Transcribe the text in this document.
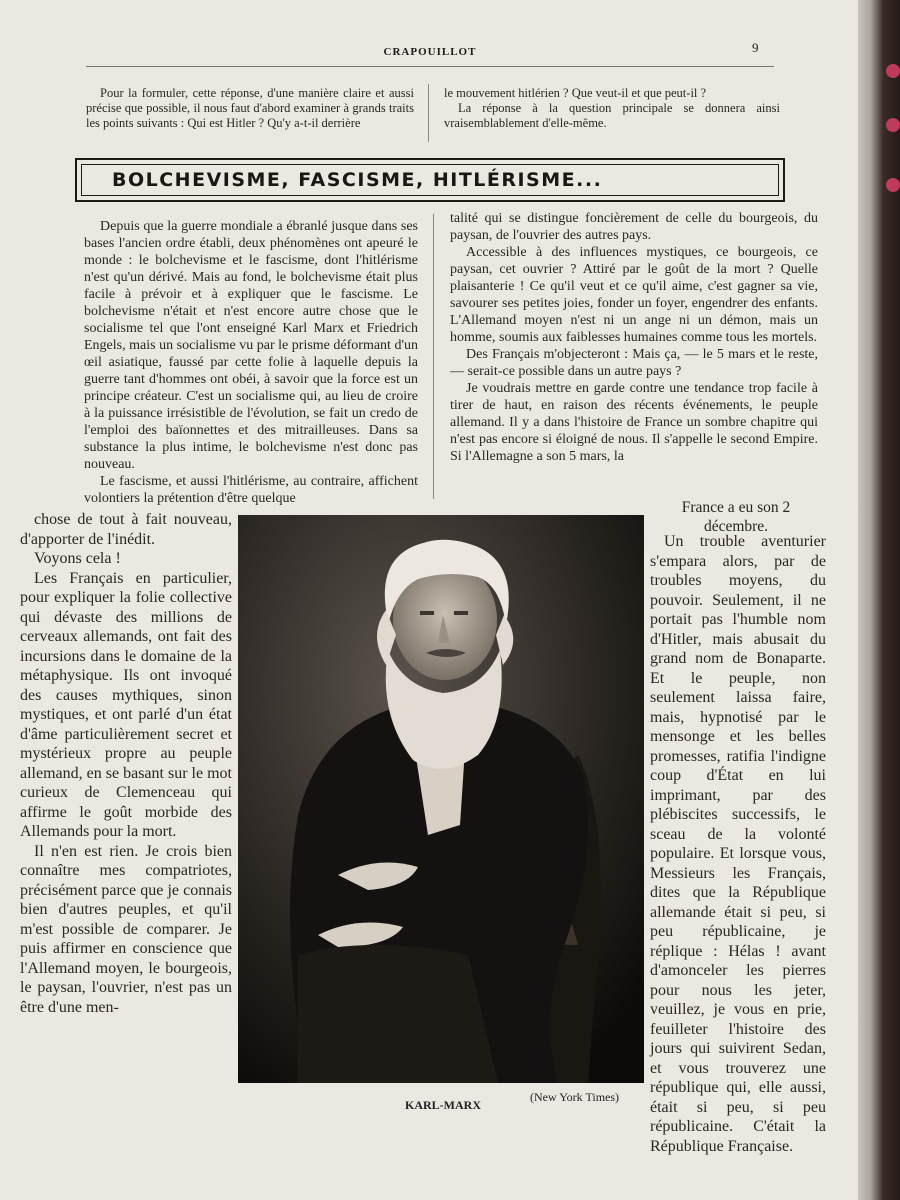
CRAPOUILLOT	9

Pour la formuler, cette réponse, d'une manière claire et aussi précise que possible, il nous faut d'abord examiner à grands traits les points suivants : Qui est Hitler ? Qu'y a-t-il derrière

le mouvement hitlérien ? Que veut-il et que peut-il ?

La réponse à la question principale se donnera ainsi vraisemblablement d'elle-même.

BOLCHEVISME, FASCISME, HITLÉRISME...

Depuis que la guerre mondiale a ébranlé jusque dans ses bases l'ancien ordre établi, deux phénomènes ont apeuré le monde : le bolchevisme et le fascisme, dont l'hitlérisme n'est qu'un dérivé. Mais au fond, le bolchevisme était plus facile à prévoir et à expliquer que le fascisme. Le bolchevisme n'était et n'est encore autre chose que le socialisme tel que l'ont enseigné Karl Marx et Friedrich Engels, mais un socialisme vu par le prisme déformant d'un œil asiatique, faussé par cette folie à laquelle depuis la guerre tant d'hommes ont obéi, à savoir que la force est un principe créateur. C'est un socialisme qui, au lieu de croire à la puissance irrésistible de l'évolution, se fait un credo de l'emploi des baïonnettes et des mitrailleuses. Dans sa substance la plus intime, le bolchevisme n'est donc pas nouveau.

Le fascisme, et aussi l'hitlérisme, au contraire, affichent volontiers la prétention d'être quelque

talité qui se distingue foncièrement de celle du bourgeois, du paysan, de l'ouvrier des autres pays.

Accessible à des influences mystiques, ce bourgeois, ce paysan, cet ouvrier ? Attiré par le goût de la mort ? Quelle plaisanterie ! Ce qu'il veut et ce qu'il aime, c'est gagner sa vie, savourer ses petites joies, fonder un foyer, engendrer des enfants. L'Allemand moyen n'est ni un ange ni un démon, mais un homme, soumis aux faiblesses humaines comme tous les mortels.

Des Français m'objecteront : Mais ça, — le 5 mars et le reste, — serait-ce possible dans un autre pays ?

Je voudrais mettre en garde contre une tendance trop facile à tirer de haut, en raison des récents événements, le peuple allemand. Il y a dans l'histoire de France un sombre chapitre qui n'est pas encore si éloigné de nous. Il s'appelle le second Empire. Si l'Allemagne a son 5 mars, la

France a eu son 2 décembre.

chose de tout à fait nouveau, d'apporter de l'inédit.

Voyons cela !

Les Français en particulier, pour expliquer la folie collective qui dévaste des millions de cerveaux allemands, ont fait des incursions dans le domaine de la métaphysique. Ils ont invoqué des causes mythiques, sinon mystiques, et ont parlé d'un état d'âme particulièrement secret et mystérieux propre au peuple allemand, en se basant sur le mot curieux de Clemenceau qui affirme le goût morbide des Allemands pour la mort.

Il n'en est rien. Je crois bien connaître mes compatriotes, précisément parce que je connais bien d'autres peuples, et qu'il m'est possible de comparer. Je puis affirmer en conscience que l'Allemand moyen, le bourgeois, le paysan, l'ouvrier, n'est pas un être d'une men-

KARL-MARX
(New York Times)

Un trouble aventurier s'empara alors, par de troubles moyens, du pouvoir. Seulement, il ne portait pas l'humble nom d'Hitler, mais abusait du grand nom de Bonaparte. Et le peuple, non seulement laissa faire, mais, hypnotisé par le mensonge et les belles promesses, ratifia l'indigne coup d'État en lui imprimant, par des plébiscites successifs, le sceau de la volonté populaire. Et lorsque vous, Messieurs les Français, dites que la République allemande était si peu, si peu républicaine, je réplique : Hélas ! avant d'amonceler les pierres pour nous les jeter, veuillez, je vous en prie, feuilleter l'histoire des jours qui suivirent Sedan, et vous trouverez une république qui, elle aussi, était si peu, si peu républicaine. C'était la République Française.
